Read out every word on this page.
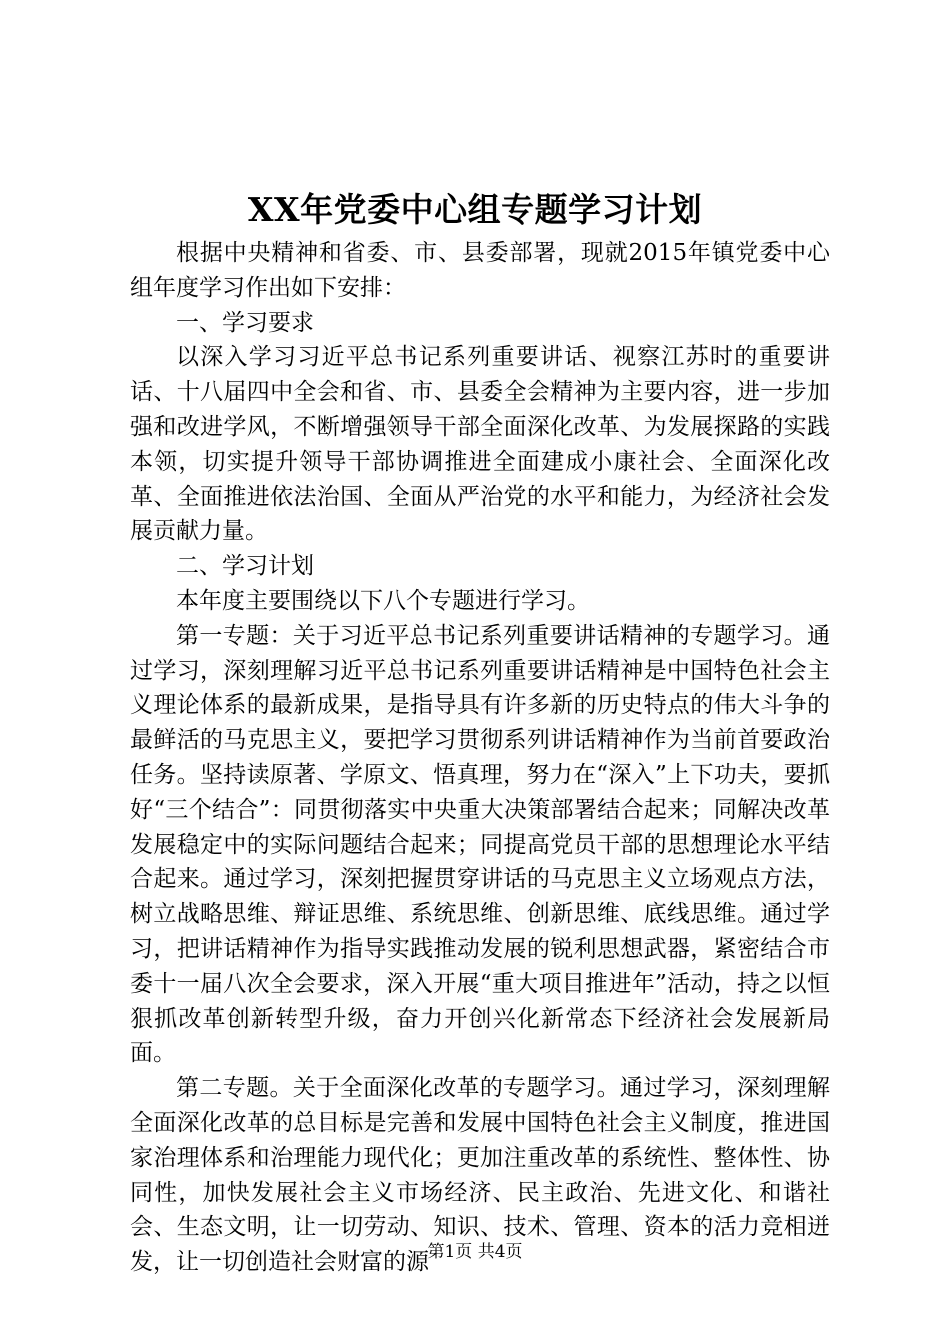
XX年党委中心组专题学习计划

根据中央精神和省委、市、县委部署，现就2015年镇党委中心组年度学习作出如下安排：

一、学习要求

以深入学习习近平总书记系列重要讲话、视察江苏时的重要讲话、十八届四中全会和省、市、县委全会精神为主要内容，进一步加强和改进学风，不断增强领导干部全面深化改革、为发展探路的实践本领，切实提升领导干部协调推进全面建成小康社会、全面深化改革、全面推进依法治国、全面从严治党的水平和能力，为经济社会发展贡献力量。

二、学习计划

本年度主要围绕以下八个专题进行学习。

第一专题：关于习近平总书记系列重要讲话精神的专题学习。通过学习，深刻理解习近平总书记系列重要讲话精神是中国特色社会主义理论体系的最新成果，是指导具有许多新的历史特点的伟大斗争的最鲜活的马克思主义，要把学习贯彻系列讲话精神作为当前首要政治任务。坚持读原著、学原文、悟真理，努力在“深入”上下功夫，要抓好“三个结合”：同贯彻落实中央重大决策部署结合起来；同解决改革发展稳定中的实际问题结合起来；同提高党员干部的思想理论水平结合起来。通过学习，深刻把握贯穿讲话的马克思主义立场观点方法，树立战略思维、辩证思维、系统思维、创新思维、底线思维。通过学习，把讲话精神作为指导实践推动发展的锐利思想武器，紧密结合市委十一届八次全会要求，深入开展“重大项目推进年”活动，持之以恒狠抓改革创新转型升级，奋力开创兴化新常态下经济社会发展新局面。

第二专题。关于全面深化改革的专题学习。通过学习，深刻理解全面深化改革的总目标是完善和发展中国特色社会主义制度，推进国家治理体系和治理能力现代化；更加注重改革的系统性、整体性、协同性，加快发展社会主义市场经济、民主政治、先进文化、和谐社会、生态文明，让一切劳动、知识、技术、管理、资本的活力竞相迸发，让一切创造社会财富的源

第1页 共4页
